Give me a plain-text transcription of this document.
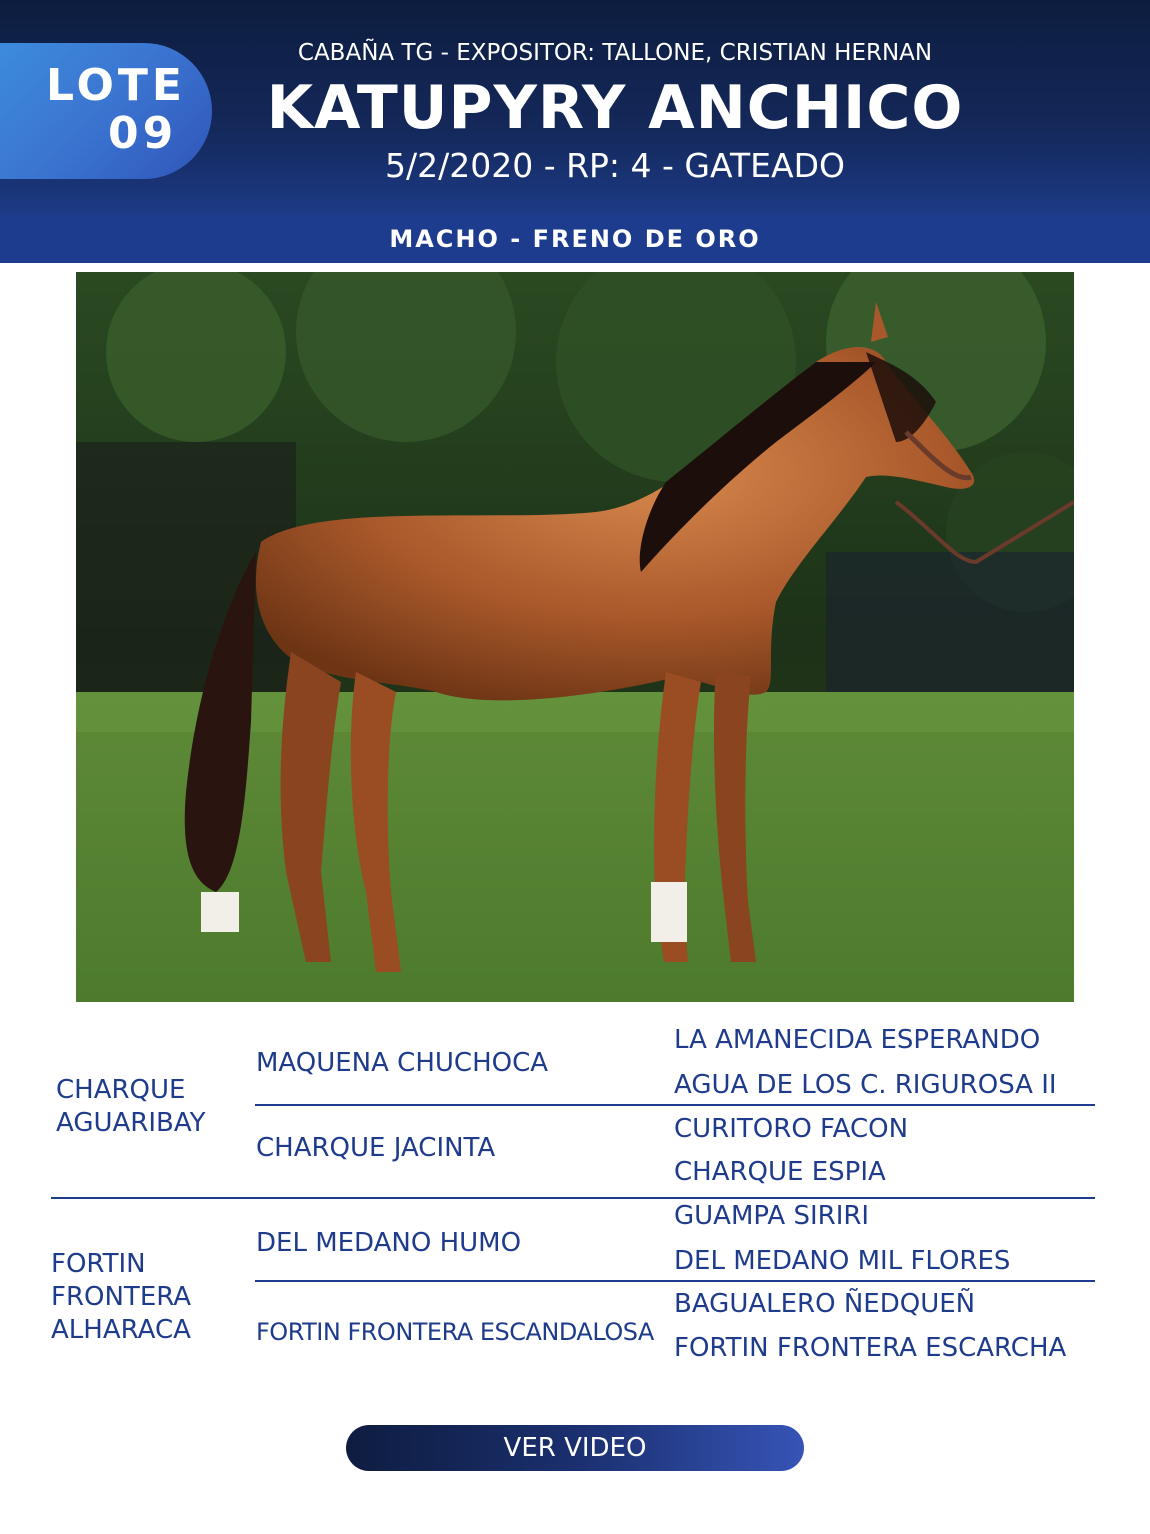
LOTE
09
CABAÑA TG - EXPOSITOR: TALLONE, CRISTIAN HERNAN
KATUPYRY ANCHICO
5/2/2020 - RP: 4 - GATEADO
MACHO - FRENO DE ORO
CHARQUE
AGUARIBAY
FORTIN
FRONTERA
ALHARACA
MAQUENA CHUCHOCA
CHARQUE JACINTA
DEL MEDANO HUMO
FORTIN FRONTERA ESCANDALOSA
LA AMANECIDA ESPERANDO
AGUA DE LOS C. RIGUROSA II
CURITORO FACON
CHARQUE ESPIA
GUAMPA SIRIRI
DEL MEDANO MIL FLORES
BAGUALERO ÑEDQUEÑ
FORTIN FRONTERA ESCARCHA
VER VIDEO
